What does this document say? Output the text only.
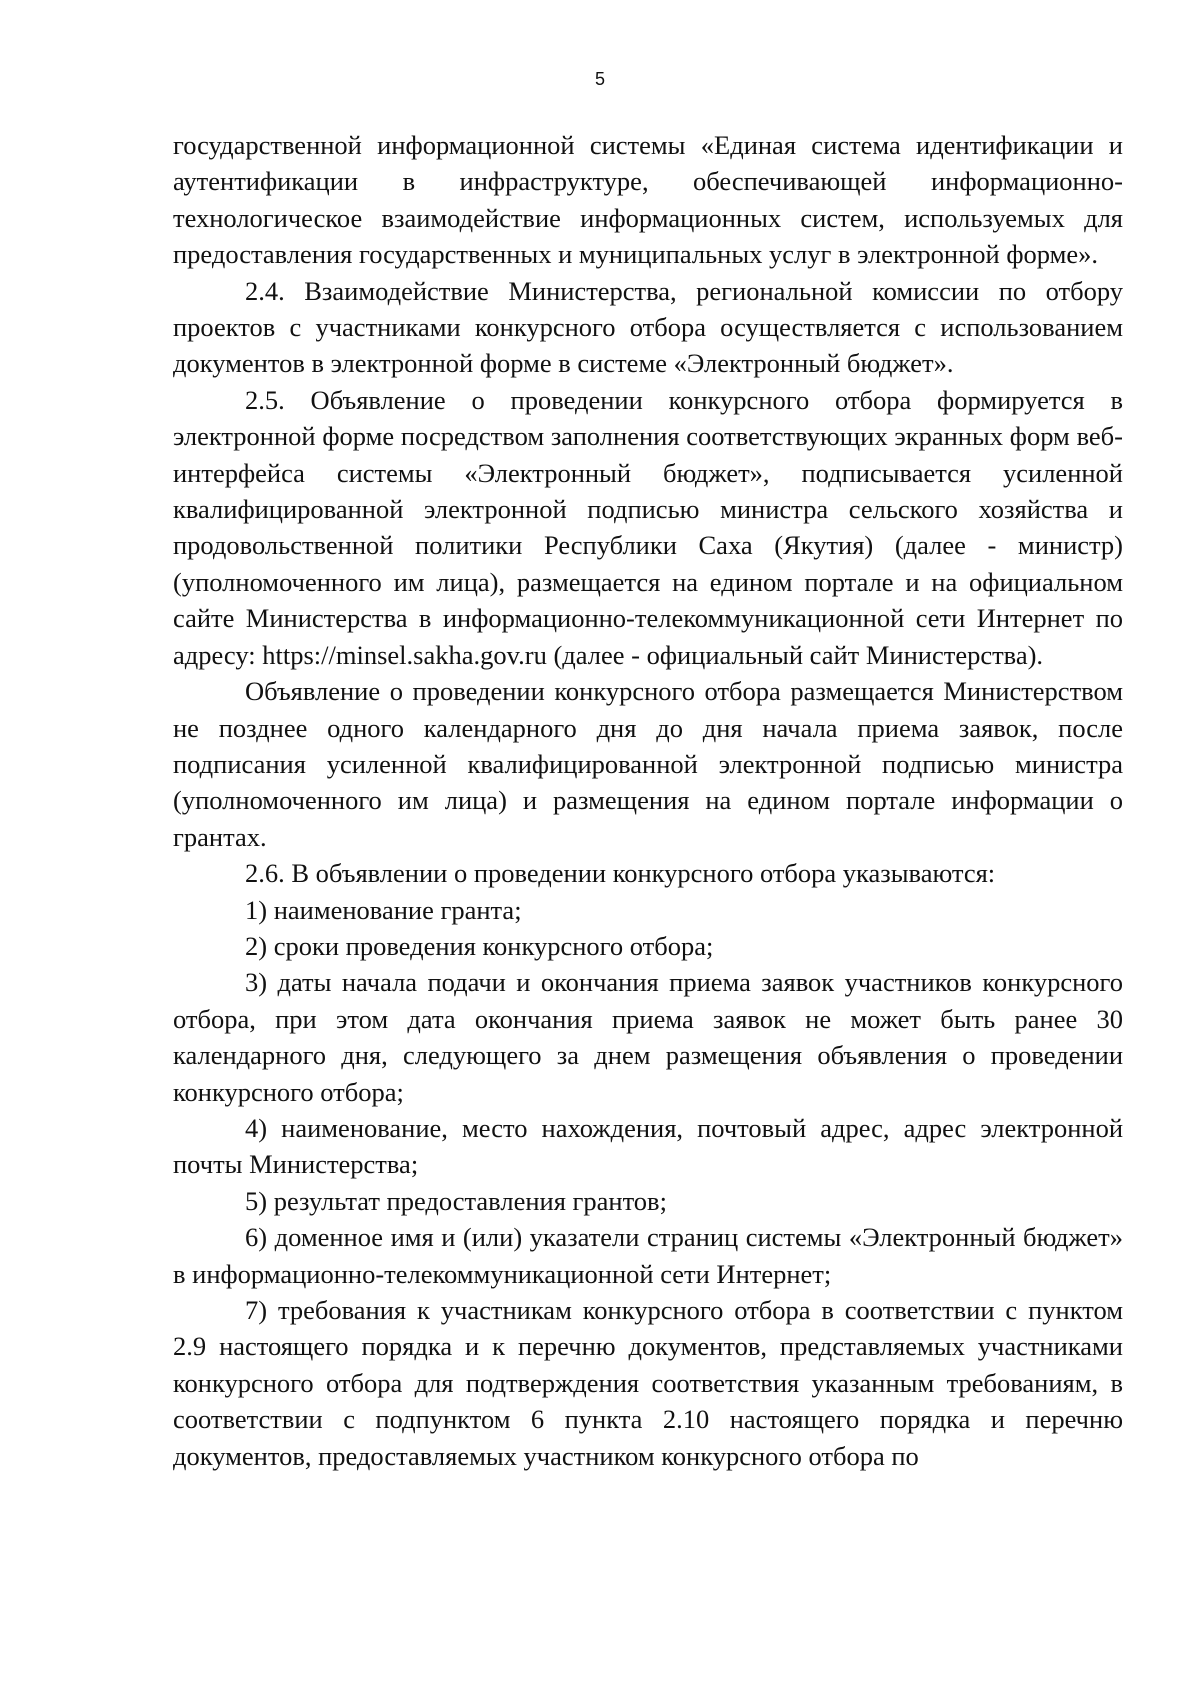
5

государственной информационной системы «Единая система идентификации и аутентификации в инфраструктуре, обеспечивающей информационно-технологическое взаимодействие информационных систем, используемых для предоставления государственных и муниципальных услуг в электронной форме».

2.4. Взаимодействие Министерства, региональной комиссии по отбору проектов с участниками конкурсного отбора осуществляется с использованием документов в электронной форме в системе «Электронный бюджет».

2.5. Объявление о проведении конкурсного отбора формируется в электронной форме посредством заполнения соответствующих экранных форм веб-интерфейса системы «Электронный бюджет», подписывается усиленной квалифицированной электронной подписью министра сельского хозяйства и продовольственной политики Республики Саха (Якутия) (далее - министр) (уполномоченного им лица), размещается на едином портале и на официальном сайте Министерства в информационно-телекоммуникационной сети Интернет по адресу: https://minsel.sakha.gov.ru (далее - официальный сайт Министерства).

Объявление о проведении конкурсного отбора размещается Министерством не позднее одного календарного дня до дня начала приема заявок, после подписания усиленной квалифицированной электронной подписью министра (уполномоченного им лица) и размещения на едином портале информации о грантах.

2.6. В объявлении о проведении конкурсного отбора указываются:

1) наименование гранта;

2) сроки проведения конкурсного отбора;

3) даты начала подачи и окончания приема заявок участников конкурсного отбора, при этом дата окончания приема заявок не может быть ранее 30 календарного дня, следующего за днем размещения объявления о проведении конкурсного отбора;

4) наименование, место нахождения, почтовый адрес, адрес электронной почты Министерства;

5) результат предоставления грантов;

6) доменное имя и (или) указатели страниц системы «Электронный бюджет» в информационно-телекоммуникационной сети Интернет;

7) требования к участникам конкурсного отбора в соответствии с пунктом 2.9 настоящего порядка и к перечню документов, представляемых участниками конкурсного отбора для подтверждения соответствия указанным требованиям, в соответствии с подпунктом 6 пункта 2.10 настоящего порядка и перечню документов, предоставляемых участником конкурсного отбора по
